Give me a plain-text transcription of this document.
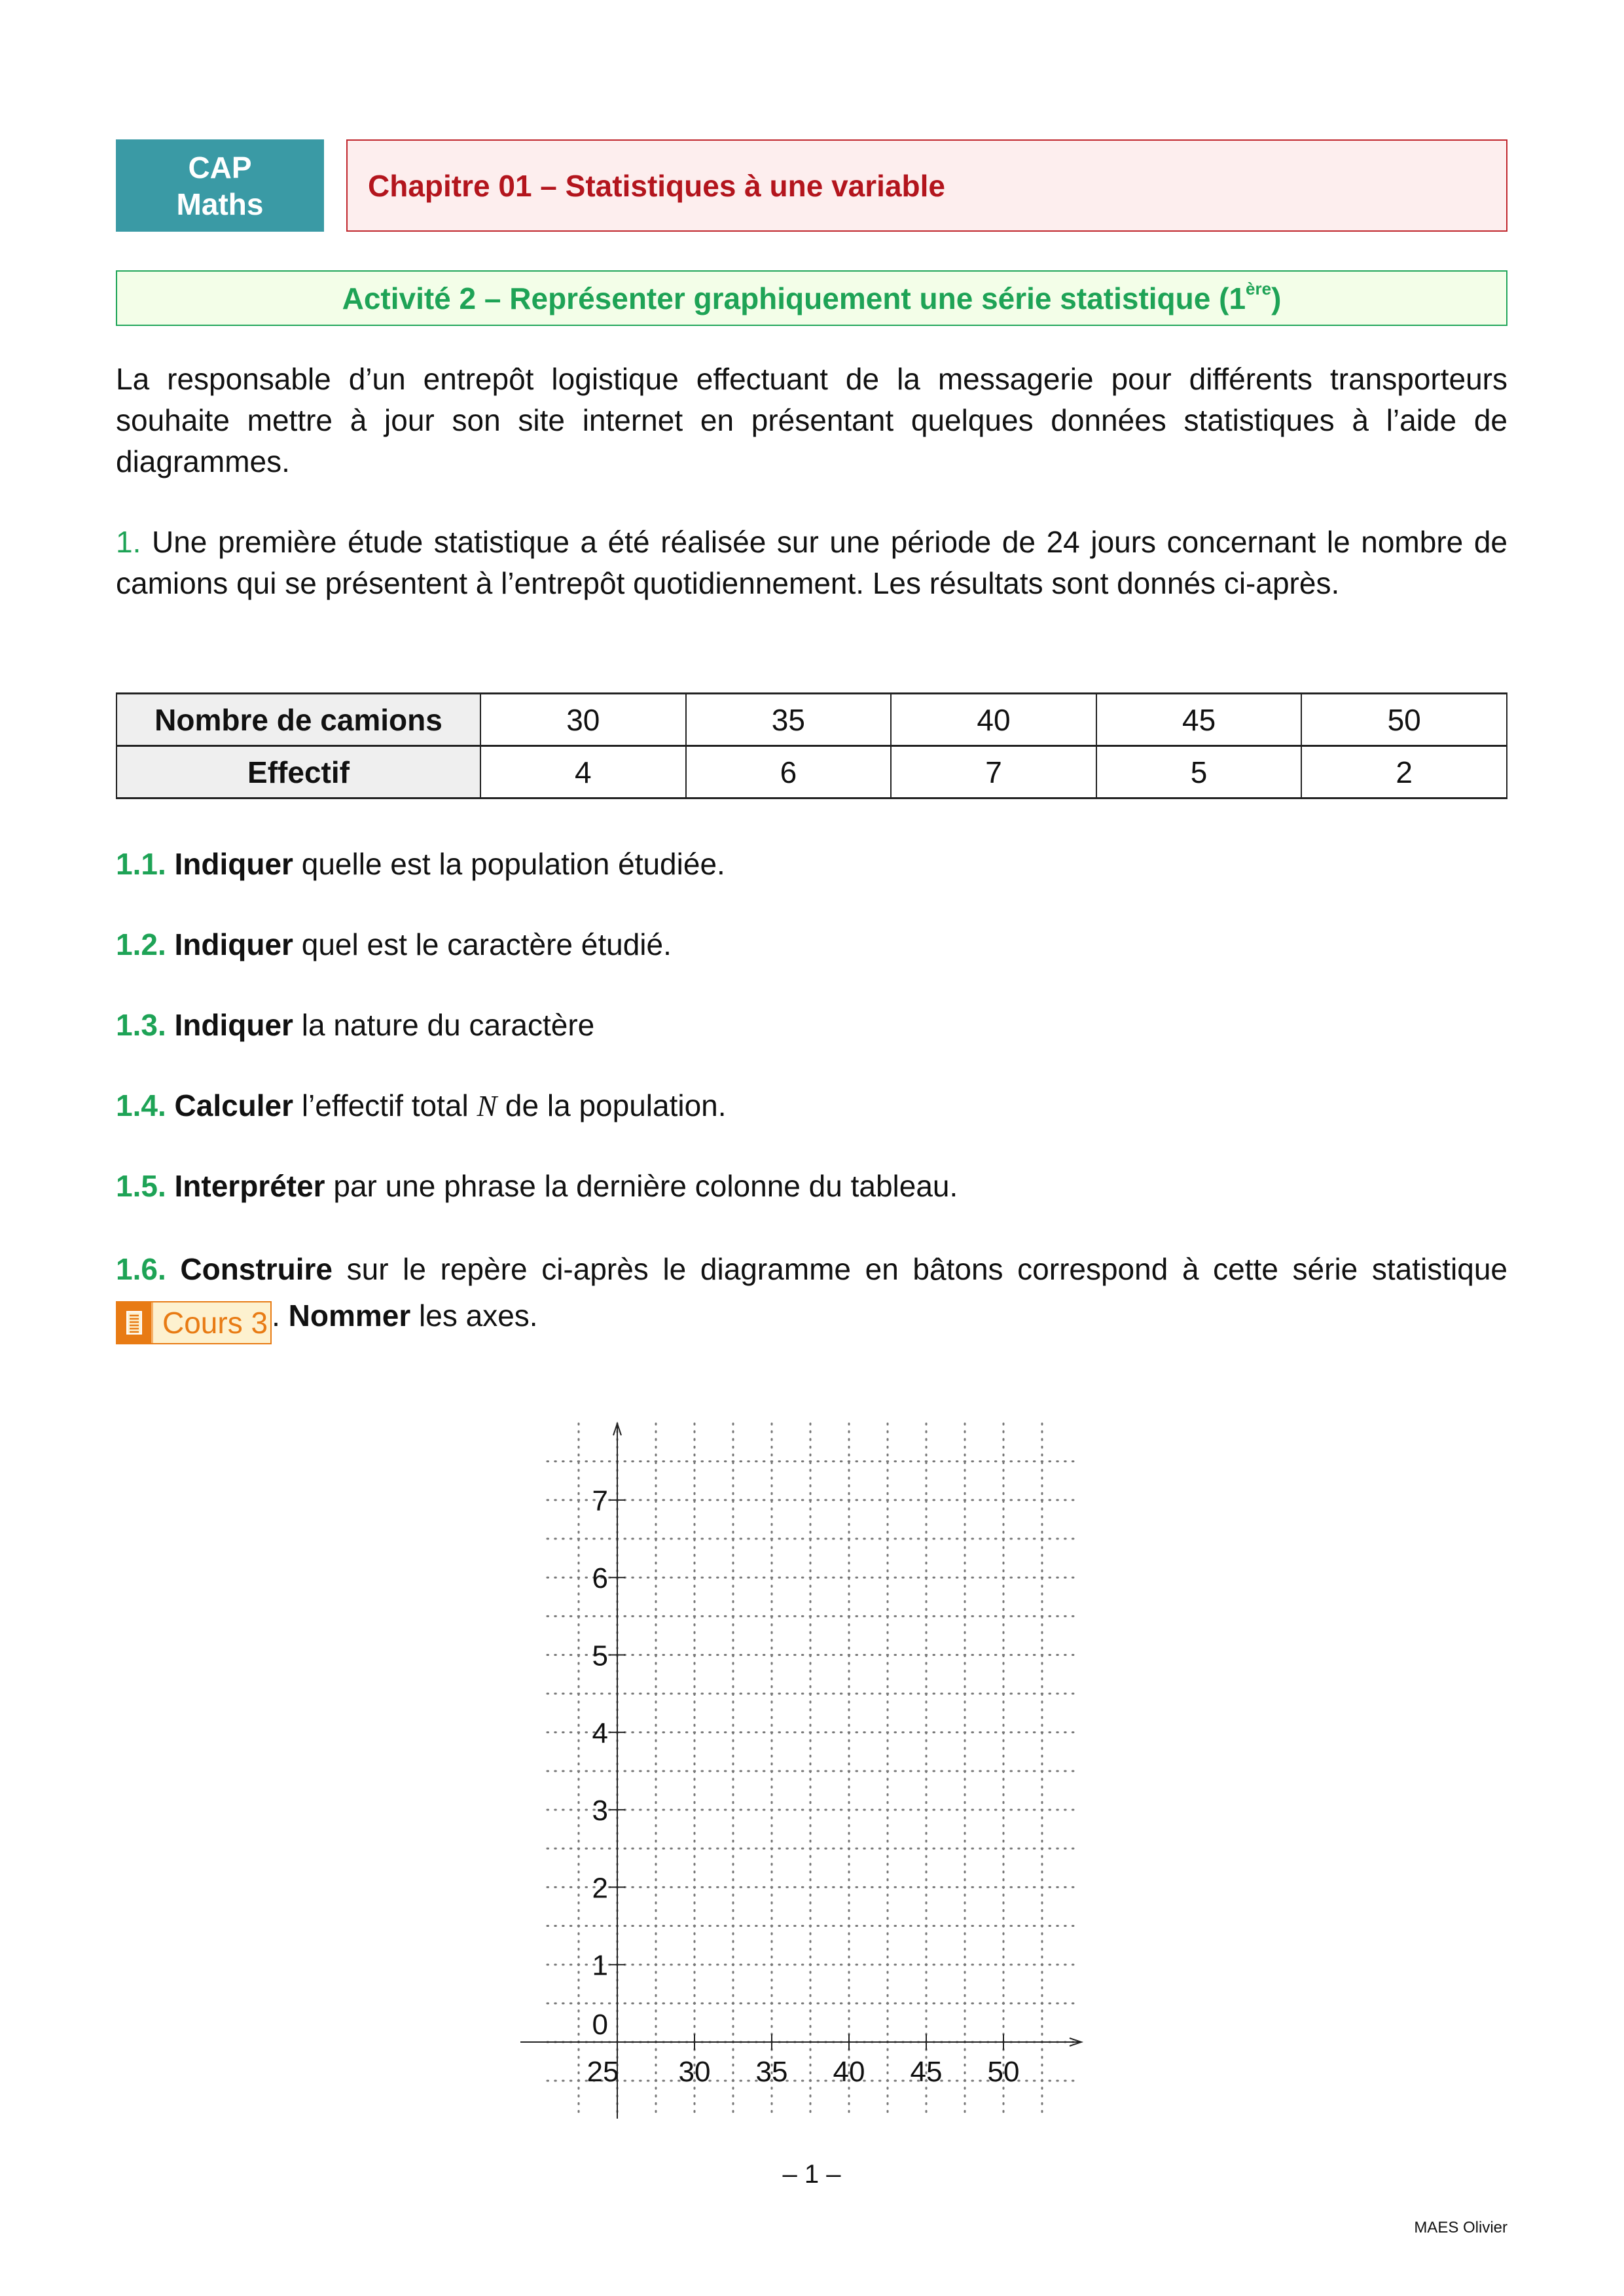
CAP
Maths
Chapitre 01 – Statistiques à une variable
Activité 2 – Représenter graphiquement une série statistique (1ère)
La responsable d’un entrepôt logistique effectuant de la messagerie pour différents transporteurs souhaite mettre à jour son site internet en présentant quelques données statistiques à l’aide de diagrammes.
1. Une première étude statistique a été réalisée sur une période de 24 jours concernant le nombre de camions qui se présentent à l’entrepôt quotidiennement. Les résultats sont donnés ci-après.
Nombre de camions	30	35	40	45	50
Effectif	4	6	7	5	2
1.1. Indiquer quelle est la population étudiée.
1.2. Indiquer quel est le caractère étudié.
1.3. Indiquer la nature du caractère
1.4. Calculer l’effectif total N de la population.
1.5. Interpréter par une phrase la dernière colonne du tableau.
1.6. Construire sur le repère ci-après le diagramme en bâtons correspond à cette série statistique
Cours 3 . Nommer les axes.
0
1
2
3
4
5
6
7
25 30 35 40 45 50
– 1 –
MAES Olivier
